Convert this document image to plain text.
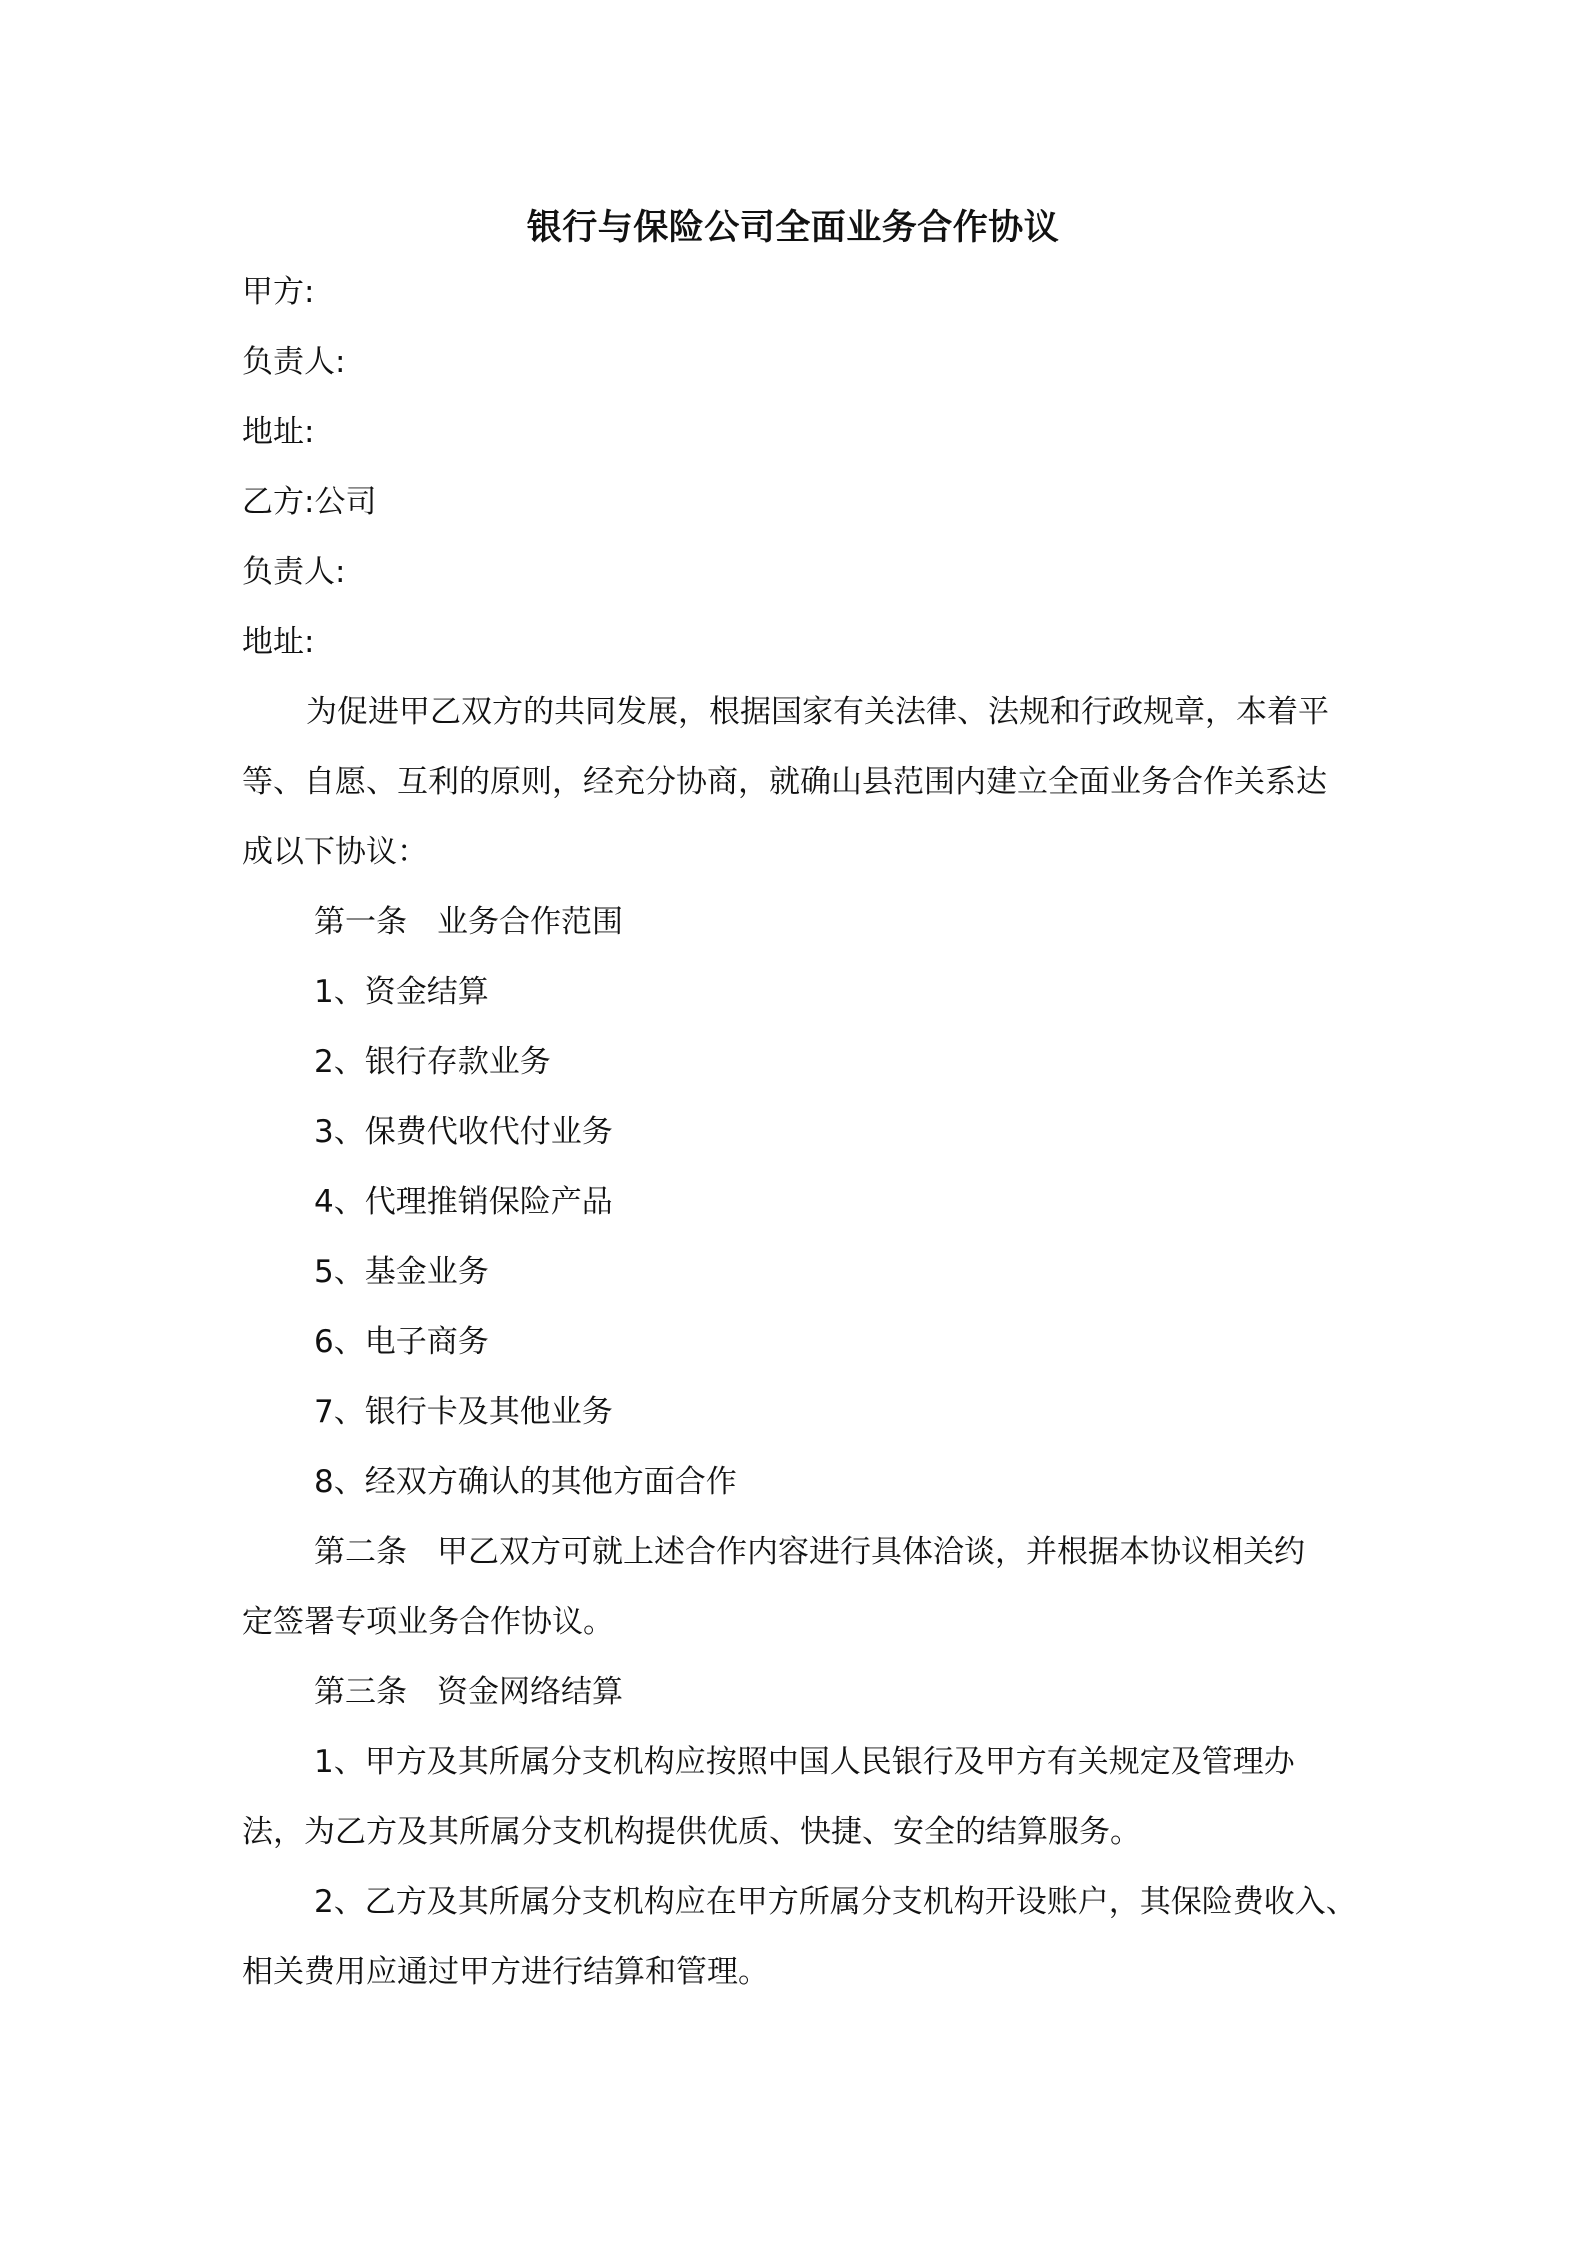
银行与保险公司全面业务合作协议
甲方:
负责人:
地址:
乙方:公司
负责人:
地址:
为促进甲乙双方的共同发展，根据国家有关法律、法规和行政规章，本着平
等、自愿、互利的原则，经充分协商，就确山县范围内建立全面业务合作关系达
成以下协议：
第一条 业务合作范围
1、资金结算
2、银行存款业务
3、保费代收代付业务
4、代理推销保险产品
5、基金业务
6、电子商务
7、银行卡及其他业务
8、经双方确认的其他方面合作
第二条 甲乙双方可就上述合作内容进行具体洽谈，并根据本协议相关约
定签署专项业务合作协议。
第三条 资金网络结算
1、甲方及其所属分支机构应按照中国人民银行及甲方有关规定及管理办
法，为乙方及其所属分支机构提供优质、快捷、安全的结算服务。
2、乙方及其所属分支机构应在甲方所属分支机构开设账户，其保险费收入、
相关费用应通过甲方进行结算和管理。
